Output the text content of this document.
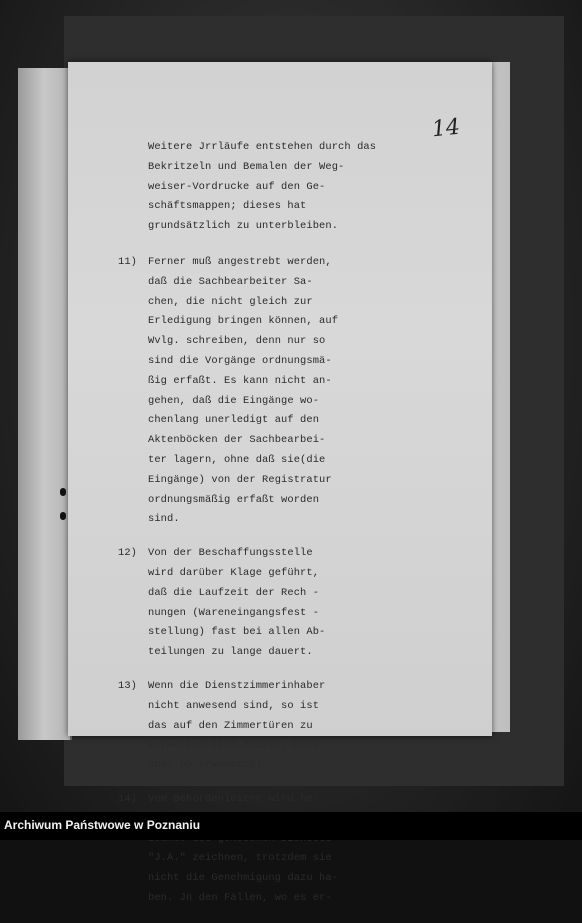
14
Weitere Jrrläufe entstehen durch das
Bekritzeln und Bemalen der Weg-
weiser-Vordrucke auf den Ge-
schäftsmappen; dieses hat
grundsätzlich zu unterbleiben.
11)	Ferner muß angestrebt werden,
daß die Sachbearbeiter Sa-
chen, die nicht gleich zur
Erledigung bringen können, auf
Wvlg. schreiben, denn nur so
sind die Vorgänge ordnungsmä-
ßig erfaßt. Es kann nicht an-
gehen, daß die Eingänge wo-
chenlang unerledigt auf den
Aktenböcken der Sachbearbei-
ter lagern, ohne daß sie(die
Eingänge) von der Registratur
ordnungsmäßig erfaßt worden
sind.
12)	Von der Beschaffungsstelle
wird darüber Klage geführt,
daß die Laufzeit der Rech -
nungen (Wareneingangsfest -
stellung) fast bei allen Ab-
teilungen zu lange dauert.
13)	Wenn die Dienstzimmerinhaber
nicht anwesend sind, so ist
das auf den Zimmertüren zu
vermerken (für Heizer, Besu-
cher pp.erwünscht).
14)	Vom Behördenleiter wird be-
"J.A." zeichnen, trotzdem sie
nicht die Genehmigung dazu ha-
ben. Jn den Fällen, wo es er-
Archiwum Państwowe w Poznaniu
